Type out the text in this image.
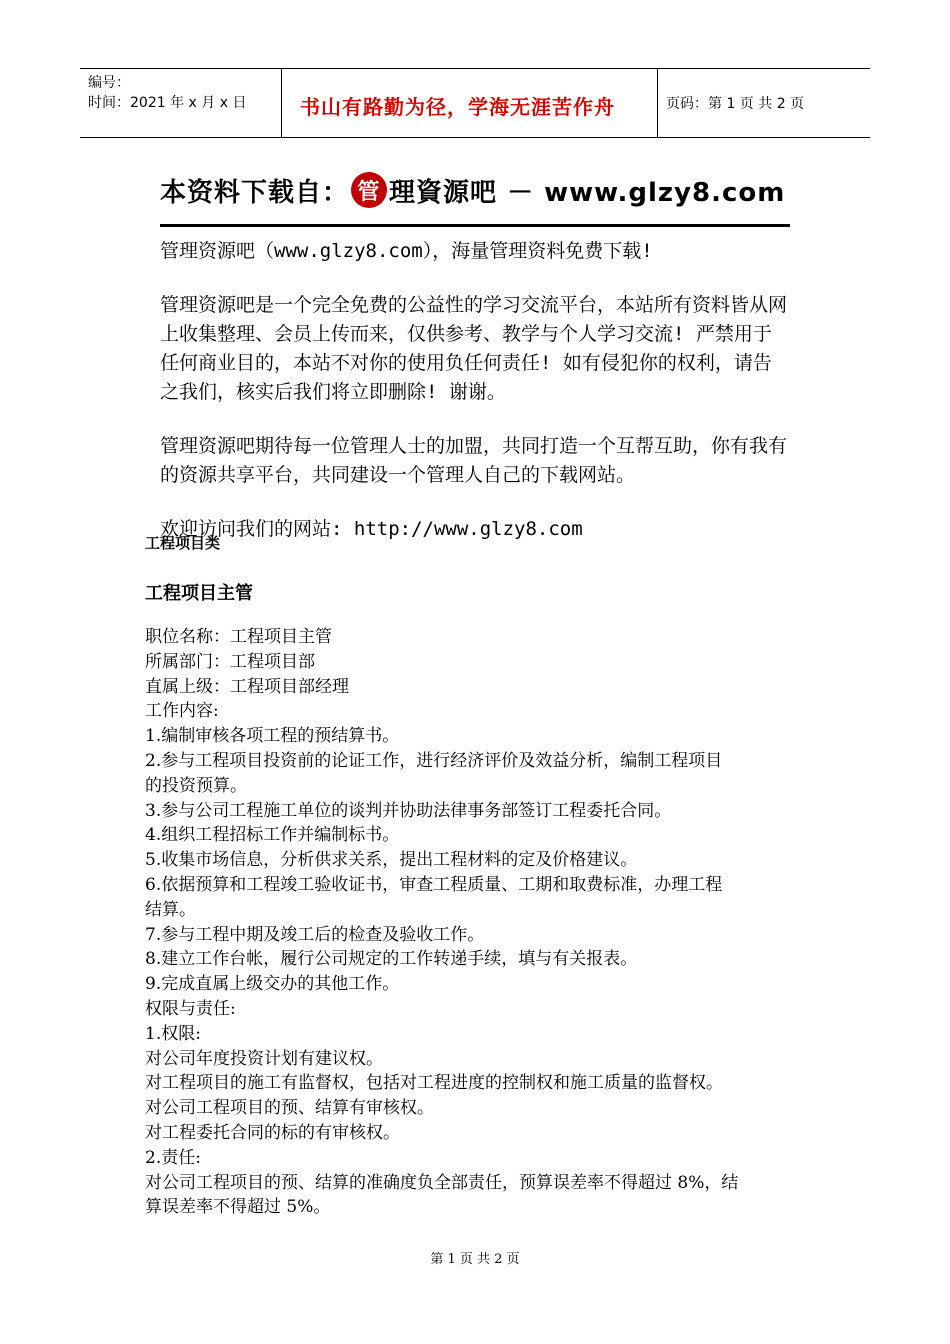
编号：
时间：2021 年 x 月 x 日	书山有路勤为径，学海无涯苦作舟	页码：第 1 页 共 2 页
本资料下载自： 管 理資源吧 － www.glzy8.com
管理资源吧（www.glzy8.com），海量管理资料免费下载!
管理资源吧是一个完全免费的公益性的学习交流平台，本站所有资料皆从网上收集整理、会员上传而来，仅供参考、教学与个人学习交流! 严禁用于任何商业目的，本站不对你的使用负任何责任! 如有侵犯你的权利，请告之我们，核实后我们将立即删除! 谢谢。
管理资源吧期待每一位管理人士的加盟，共同打造一个互帮互助，你有我有的资源共享平台，共同建设一个管理人自己的下载网站。
欢迎访问我们的网站: http://www.glzy8.com
工程项目类
工程项目主管
职位名称：工程项目主管
所属部门：工程项目部
直属上级：工程项目部经理
工作内容:
1.编制审核各项工程的预结算书。
2.参与工程项目投资前的论证工作，进行经济评价及效益分析，编制工程项目
的投资预算。
3.参与公司工程施工单位的谈判并协助法律事务部签订工程委托合同。
4.组织工程招标工作并编制标书。
5.收集市场信息，分析供求关系，提出工程材料的定及价格建议。
6.依据预算和工程竣工验收证书，审查工程质量、工期和取费标准，办理工程
结算。
7.参与工程中期及竣工后的检查及验收工作。
8.建立工作台帐，履行公司规定的工作转递手续，填与有关报表。
9.完成直属上级交办的其他工作。
权限与责任:
1.权限:
对公司年度投资计划有建议权。
对工程项目的施工有监督权，包括对工程进度的控制权和施工质量的监督权。
对公司工程项目的预、结算有审核权。
对工程委托合同的标的有审核权。
2.责任:
对公司工程项目的预、结算的准确度负全部责任，预算误差率不得超过 8%，结
算误差率不得超过 5%。
第 1 页 共 2 页
